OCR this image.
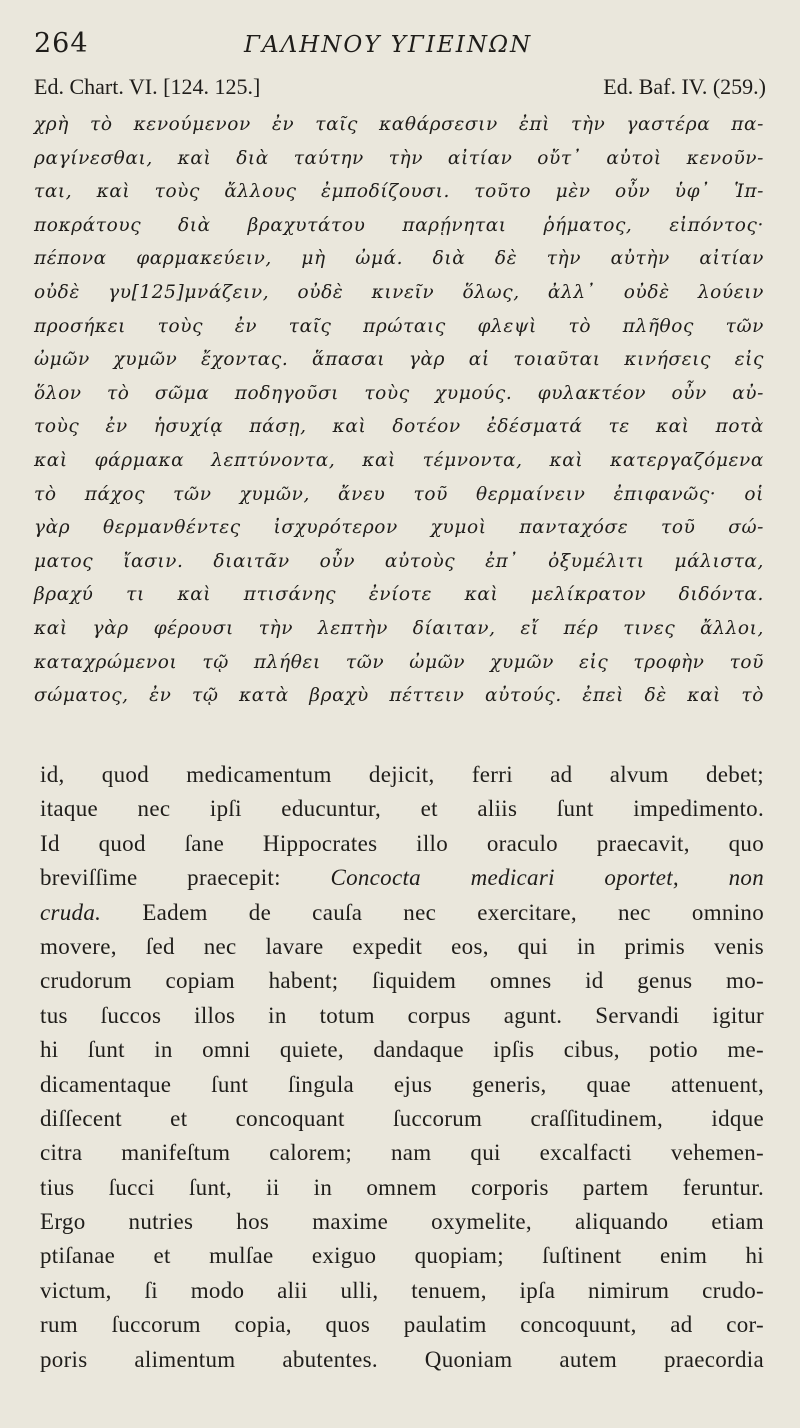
264	ΓΑΛΗΝΟΥ ΥΓΙΕΙΝΩΝ
Ed. Chart. VI. [124. 125.]	Ed. Baf. IV. (259.)
χρὴ τὸ κενούμενον ἐν ταῖς καθάρσεσιν ἐπὶ τὴν γαστέρα πα-
ραγίνεσθαι, καὶ διὰ ταύτην τὴν αἰτίαν οὔτ᾽ αὐτοὶ κενοῦν-
ται, καὶ τοὺς ἄλλους ἐμποδίζουσι. τοῦτο μὲν οὖν ὑφ᾽ Ἱπ-
ποκράτους διὰ βραχυτάτου παρῄνηται ῥήματος, εἰπόντος·
πέπονα φαρμακεύειν, μὴ ὠμά. διὰ δὲ τὴν αὐτὴν αἰτίαν
οὐδὲ γυ[125]μνάζειν, οὐδὲ κινεῖν ὅλως, ἀλλ᾽ οὐδὲ λούειν
προσήκει τοὺς ἐν ταῖς πρώταις φλεψὶ τὸ πλῆθος τῶν
ὠμῶν χυμῶν ἔχοντας. ἅπασαι γὰρ αἱ τοιαῦται κινήσεις εἰς
ὅλον τὸ σῶμα ποδηγοῦσι τοὺς χυμούς. φυλακτέον οὖν αὐ-
τοὺς ἐν ἡσυχίᾳ πάσῃ, καὶ δοτέον ἐδέσματά τε καὶ ποτὰ
καὶ φάρμακα λεπτύνοντα, καὶ τέμνοντα, καὶ κατεργαζόμενα
τὸ πάχος τῶν χυμῶν, ἄνευ τοῦ θερμαίνειν ἐπιφανῶς· οἱ
γὰρ θερμανθέντες ἰσχυρότερον χυμοὶ πανταχόσε τοῦ σώ-
ματος ἴασιν. διαιτᾶν οὖν αὐτοὺς ἐπ᾽ ὀξυμέλιτι μάλιστα,
βραχύ τι καὶ πτισάνης ἐνίοτε καὶ μελίκρατον διδόντα.
καὶ γὰρ φέρουσι τὴν λεπτὴν δίαιταν, εἴ πέρ τινες ἄλλοι,
καταχρώμενοι τῷ πλήθει τῶν ὠμῶν χυμῶν εἰς τροφὴν τοῦ
σώματος, ἐν τῷ κατὰ βραχὺ πέττειν αὐτούς. ἐπεὶ δὲ καὶ τὸ
id, quod medicamentum dejicit, ferri ad alvum debet;
itaque nec ipſi educuntur, et aliis ſunt impedimento.
Id quod ſane Hippocrates illo oraculo praecavit, quo
breviſſime praecepit: Concocta medicari oportet, non
cruda. Eadem de cauſa nec exercitare, nec omnino
movere, ſed nec lavare expedit eos, qui in primis venis
crudorum copiam habent; ſiquidem omnes id genus mo-
tus ſuccos illos in totum corpus agunt. Servandi igitur
hi ſunt in omni quiete, dandaque ipſis cibus, potio me-
dicamentaque ſunt ſingula ejus generis, quae attenuent,
diſſecent et concoquant ſuccorum craſſitudinem, idque
citra manifeſtum calorem; nam qui excalfacti vehemen-
tius ſucci ſunt, ii in omnem corporis partem feruntur.
Ergo nutries hos maxime oxymelite, aliquando etiam
ptiſanae et mulſae exiguo quopiam; ſuſtinent enim hi
victum, ſi modo alii ulli, tenuem, ipſa nimirum crudo-
rum ſuccorum copia, quos paulatim concoquunt, ad cor-
poris alimentum abutentes. Quoniam autem praecordia
